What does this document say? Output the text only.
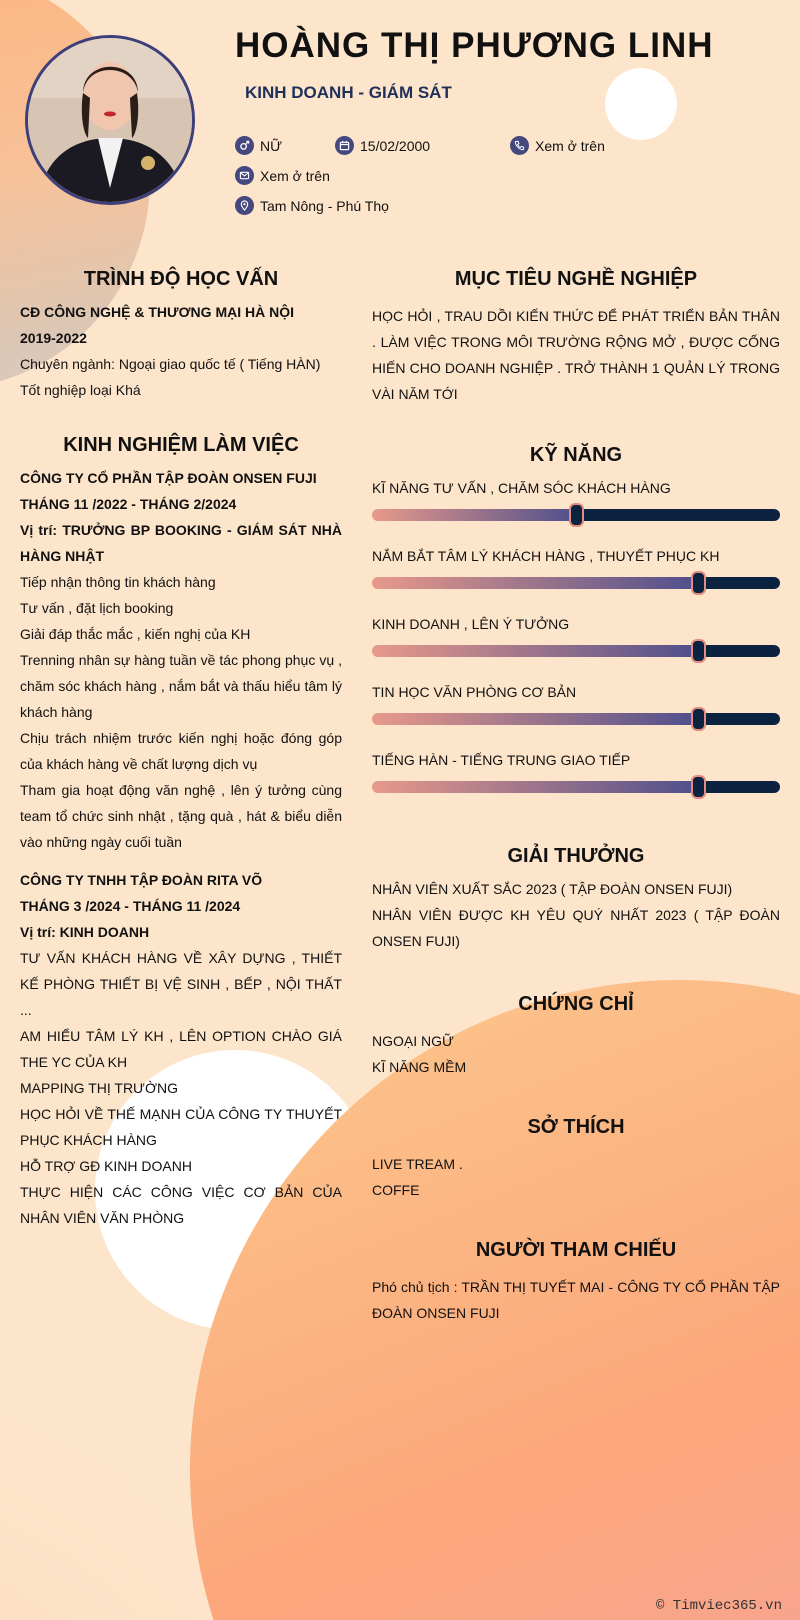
HOÀNG THỊ PHƯƠNG LINH
KINH DOANH - GIÁM SÁT
NỮ	15/02/2000	Xem ở trên
Xem ở trên
Tam Nông - Phú Thọ
TRÌNH ĐỘ HỌC VẤN
CĐ CÔNG NGHỆ & THƯƠNG MẠI HÀ NỘI
2019-2022
Chuyên ngành: Ngoại giao quốc tế ( Tiếng HÀN)
Tốt nghiệp loại Khá
KINH NGHIỆM LÀM VIỆC
CÔNG TY CỔ PHẦN TẬP ĐOÀN ONSEN FUJI
THÁNG 11 /2022 - THÁNG 2/2024
Vị trí: TRƯỞNG BP BOOKING - GIÁM SÁT NHÀ HÀNG NHẬT
Tiếp nhận thông tin khách hàng
Tư vấn , đặt lịch booking
Giải đáp thắc mắc , kiến nghị của KH
Trenning nhân sự hàng tuần về tác phong phục vụ , chăm sóc khách hàng , nắm bắt và thấu hiểu tâm lý khách hàng
Chịu trách nhiệm trước kiến nghị hoặc đóng góp của khách hàng về chất lượng dịch vụ
Tham gia hoạt động văn nghệ , lên ý tưởng cùng team tổ chức sinh nhật , tặng quà , hát & biểu diễn vào những ngày cuối tuần
CÔNG TY TNHH TẬP ĐOÀN RITA VÕ
THÁNG 3 /2024 - THÁNG 11 /2024
Vị trí: KINH DOANH
TƯ VẤN KHÁCH HÀNG VỀ XÂY DỰNG , THIẾT KẾ PHÒNG THIẾT BỊ VỆ SINH , BẾP , NỘI THẤT ...
AM HIỂU TÂM LÝ KH , LÊN OPTION CHÀO GIÁ THE YC CỦA KH
MAPPING THỊ TRƯỜNG
HỌC HỎI VỀ THẾ MẠNH CỦA CÔNG TY THUYẾT PHỤC KHÁCH HÀNG
HỖ TRỢ GĐ KINH DOANH
THỰC HIỆN CÁC CÔNG VIỆC CƠ BẢN CỦA NHÂN VIÊN VĂN PHÒNG
MỤC TIÊU NGHỀ NGHIỆP
HỌC HỎI , TRAU DỒI KIẾN THỨC ĐỂ PHÁT TRIỂN BẢN THÂN . LÀM VIỆC TRONG MÔI TRƯỜNG RỘNG MỞ , ĐƯỢC CỐNG HIẾN CHO DOANH NGHIỆP . TRỞ THÀNH 1 QUẢN LÝ TRONG VÀI NĂM TỚI
KỸ NĂNG
KĨ NĂNG TƯ VẤN , CHĂM SÓC KHÁCH HÀNG
NẮM BẮT TÂM LÝ KHÁCH HÀNG , THUYẾT PHỤC KH
KINH DOANH , LÊN Ý TƯỞNG
TIN HỌC VĂN PHÒNG CƠ BẢN
TIẾNG HÀN - TIẾNG TRUNG GIAO TIẾP
GIẢI THƯỞNG
NHÂN VIÊN XUẤT SẮC 2023 ( TẬP ĐOÀN ONSEN FUJI)
NHÂN VIÊN ĐƯỢC KH YÊU QUÝ NHẤT 2023 ( TẬP ĐOÀN ONSEN FUJI)
CHỨNG CHỈ
NGOẠI NGỮ
KĨ NĂNG MỀM
SỞ THÍCH
LIVE TREAM .
COFFE
NGƯỜI THAM CHIẾU
Phó chủ tịch : TRẦN THỊ TUYẾT MAI - CÔNG TY CỔ PHẦN TẬP ĐOÀN ONSEN FUJI
© Timviec365.vn
